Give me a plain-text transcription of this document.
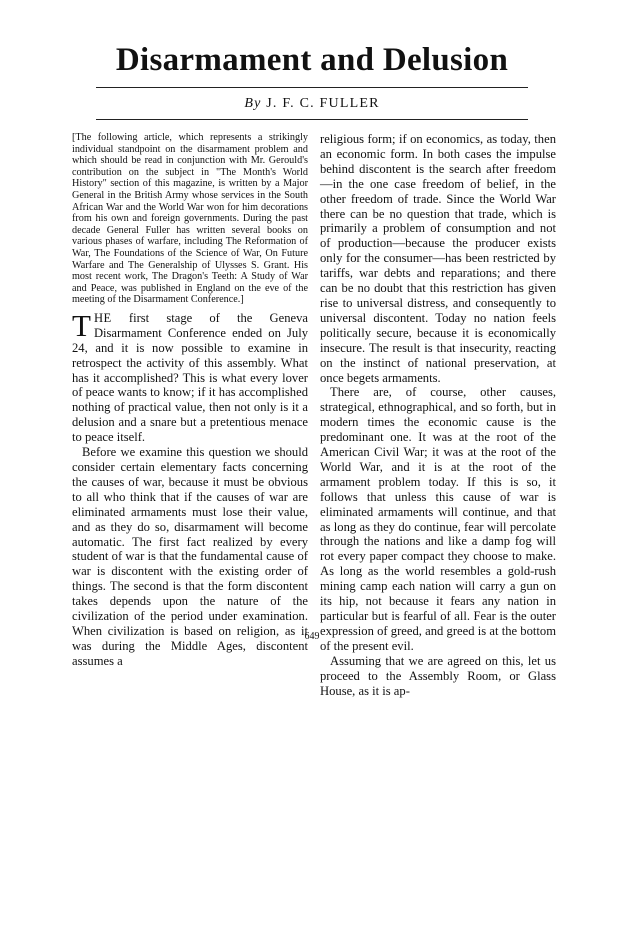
Disarmament and Delusion
By J. F. C. FULLER

[The following article, which represents a strikingly individual standpoint on the disarmament problem and which should be read in conjunction with Mr. Gerould's contribution on the subject in "The Month's World History" section of this magazine, is written by a Major General in the British Army whose services in the South African War and the World War won for him decorations from his own and foreign governments. During the past decade General Fuller has written several books on various phases of warfare, including The Reformation of War, The Foundations of the Science of War, On Future Warfare and The Generalship of Ulysses S. Grant. His most recent work, The Dragon's Teeth: A Study of War and Peace, was published in England on the eve of the meeting of the Disarmament Conference.]

THE first stage of the Geneva Disarmament Conference ended on July 24, and it is now possible to examine in retrospect the activity of this assembly. What has it accomplished? This is what every lover of peace wants to know; if it has accomplished nothing of practical value, then not only is it a delusion and a snare but a pretentious menace to peace itself.

Before we examine this question we should consider certain elementary facts concerning the causes of war, because it must be obvious to all who think that if the causes of war are eliminated armaments must lose their value, and as they do so, disarmament will become automatic. The first fact realized by every student of war is that the fundamental cause of war is discontent with the existing order of things. The second is that the form discontent takes depends upon the nature of the civilization of the period under examination. When civilization is based on religion, as it was during the Middle Ages, discontent assumes a

religious form; if on economics, as today, then an economic form. In both cases the impulse behind discontent is the search after freedom—in the one case freedom of belief, in the other freedom of trade. Since the World War there can be no question that trade, which is primarily a problem of consumption and not of production—because the producer exists only for the consumer—has been restricted by tariffs, war debts and reparations; and there can be no doubt that this restriction has given rise to universal distress, and consequently to universal discontent. Today no nation feels politically secure, because it is economically insecure. The result is that insecurity, reacting on the instinct of national preservation, at once begets armaments.

There are, of course, other causes, strategical, ethnographical, and so forth, but in modern times the economic cause is the predominant one. It was at the root of the American Civil War; it was at the root of the World War, and it is at the root of the armament problem today. If this is so, it follows that unless this cause of war is eliminated armaments will continue, and that as long as they do continue, fear will percolate through the nations and like a damp fog will rot every paper compact they choose to make. As long as the world resembles a gold-rush mining camp each nation will carry a gun on its hip, not because it fears any nation in particular but is fearful of all. Fear is the outer expression of greed, and greed is at the bottom of the present evil.

Assuming that we are agreed on this, let us proceed to the Assembly Room, or Glass House, as it is ap-

649
